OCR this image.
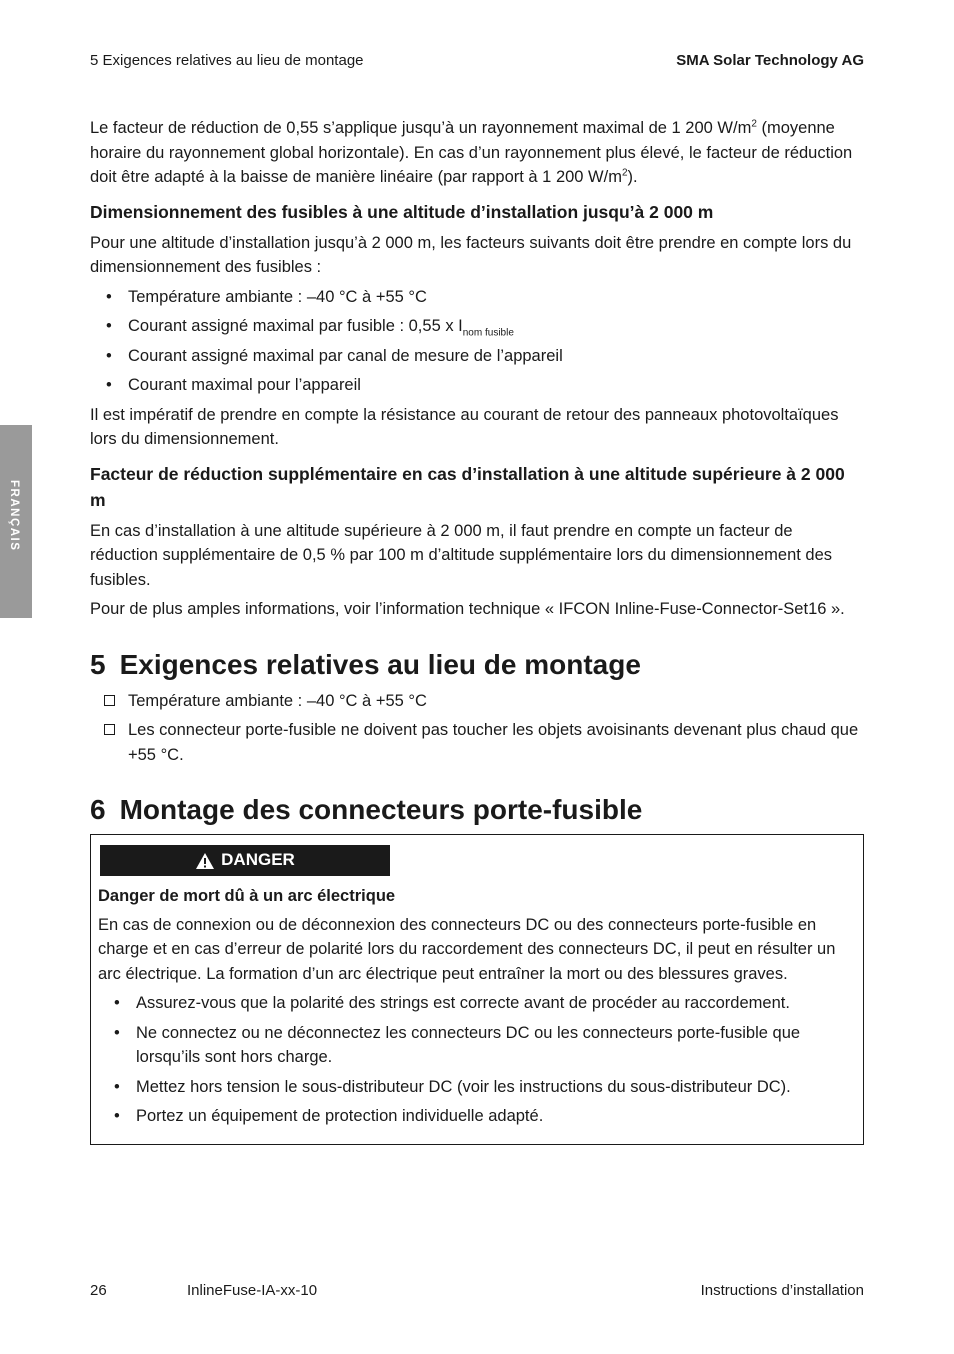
5 Exigences relatives au lieu de montage	SMA Solar Technology AG
FRANÇAIS

Le facteur de réduction de 0,55 s’applique jusqu’à un rayonnement maximal de 1 200 $W/m^2$ (moyenne horaire du rayonnement global horizontale). En cas d’un rayonnement plus élevé, le facteur de réduction doit être adapté à la baisse de manière linéaire (par rapport à 1 200 $W/m^2$).

Dimensionnement des fusibles à une altitude d’installation jusqu’à 2 000 m

Pour une altitude d’installation jusqu’à 2 000 m, les facteurs suivants doit être prendre en compte lors du dimensionnement des fusibles :

• Température ambiante : –40 °C à +55 °C
• Courant assigné maximal par fusible : 0,55 x $I_{nom fusible}$
• Courant assigné maximal par canal de mesure de l’appareil
• Courant maximal pour l’appareil

Il est impératif de prendre en compte la résistance au courant de retour des panneaux photovoltaïques lors du dimensionnement.

Facteur de réduction supplémentaire en cas d’installation à une altitude supérieure à 2 000 m

En cas d’installation à une altitude supérieure à 2 000 m, il faut prendre en compte un facteur de réduction supplémentaire de 0,5 % par 100 m d’altitude supplémentaire lors du dimensionnement des fusibles.

Pour de plus amples informations, voir l’information technique « IFCON Inline-Fuse-Connector-Set16 ».

5 Exigences relatives au lieu de montage
Température ambiante : –40 °C à +55 °C
Les connecteur porte-fusible ne doivent pas toucher les objets avoisinants devenant plus chaud que +55 °C.
6 Montage des connecteurs porte-fusible
DANGER
Danger de mort dû à un arc électrique

En cas de connexion ou de déconnexion des connecteurs DC ou des connecteurs porte-fusible en charge et en cas d’erreur de polarité lors du raccordement des connecteurs DC, il peut en résulter un arc électrique. La formation d’un arc électrique peut entraîner la mort ou des blessures graves.

• Assurez-vous que la polarité des strings est correcte avant de procéder au raccordement.
• Ne connectez ou ne déconnectez les connecteurs DC ou les connecteurs porte-fusible que lorsqu’ils sont hors charge.
• Mettez hors tension le sous-distributeur DC (voir les instructions du sous-distributeur DC).
• Portez un équipement de protection individuelle adapté.
26	InlineFuse-IA-xx-10	Instructions d’installation
